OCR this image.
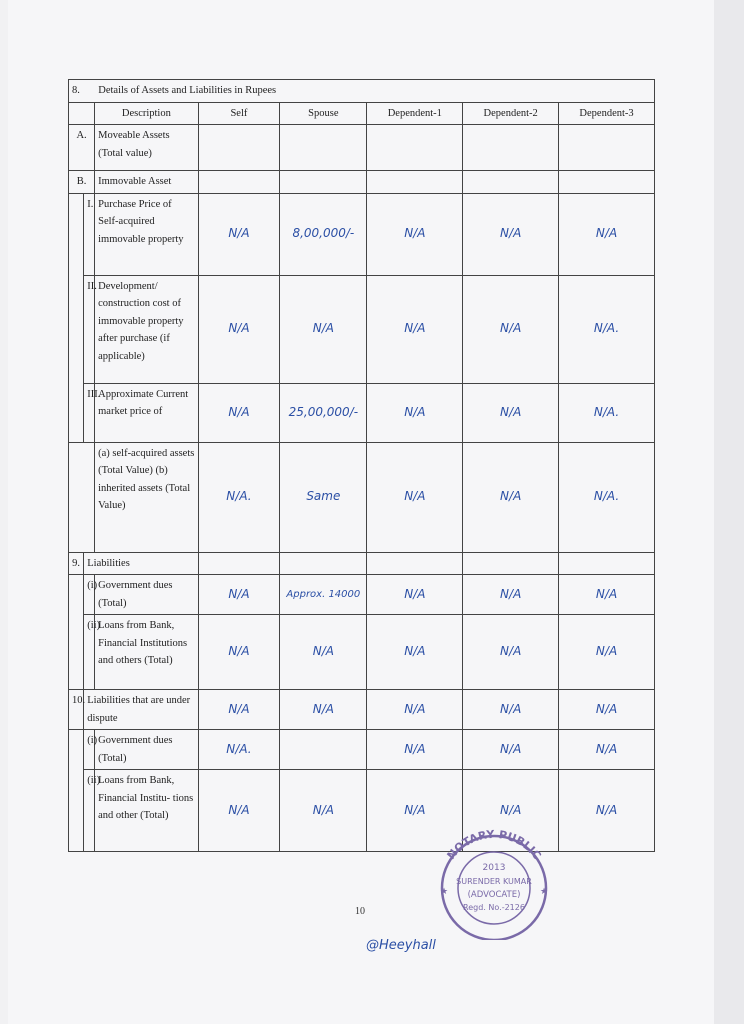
8. Details of Assets and Liabilities in Rupees							
		Description	Self	Spouse	Dependent-1	Dependent-2	Dependent-3
A.		Moveable Assets (Total value)					
B.		Immovable Asset					
	I.	Purchase Price of Self-acquired immovable property	N/A	8,00,000/-	N/A	N/A	N/A
	II.	Development/ construction cost of immovable property after purchase (if applicable)	N/A	N/A	N/A	N/A	N/A.
	III.	Approximate Current market price of	N/A	25,00,000/-	N/A	N/A	N/A.
		(a) self-acquired assets (Total Value) (b) inherited assets (Total Value)	N/A.	Same	N/A	N/A	N/A.
9.	Liabilities						
	(i)	Government dues (Total)	N/A	Approx. 14000	N/A	N/A	N/A
	(ii)	Loans from Bank, Financial Institutions and others (Total)	N/A	N/A	N/A	N/A	N/A
10.	Liabilities that are under dispute		N/A	N/A	N/A	N/A	N/A
	(i)	Government dues (Total)	N/A.		N/A	N/A	N/A
	(ii)	Loans from Bank, Financial Institu- tions and other (Total)	N/A	N/A	N/A	N/A	N/A
NOTARY PUBLIC
2013
SURENDER KUMAR
(ADVOCATE)
Regd. No.-2126
★	★
10
@Heeyhall
